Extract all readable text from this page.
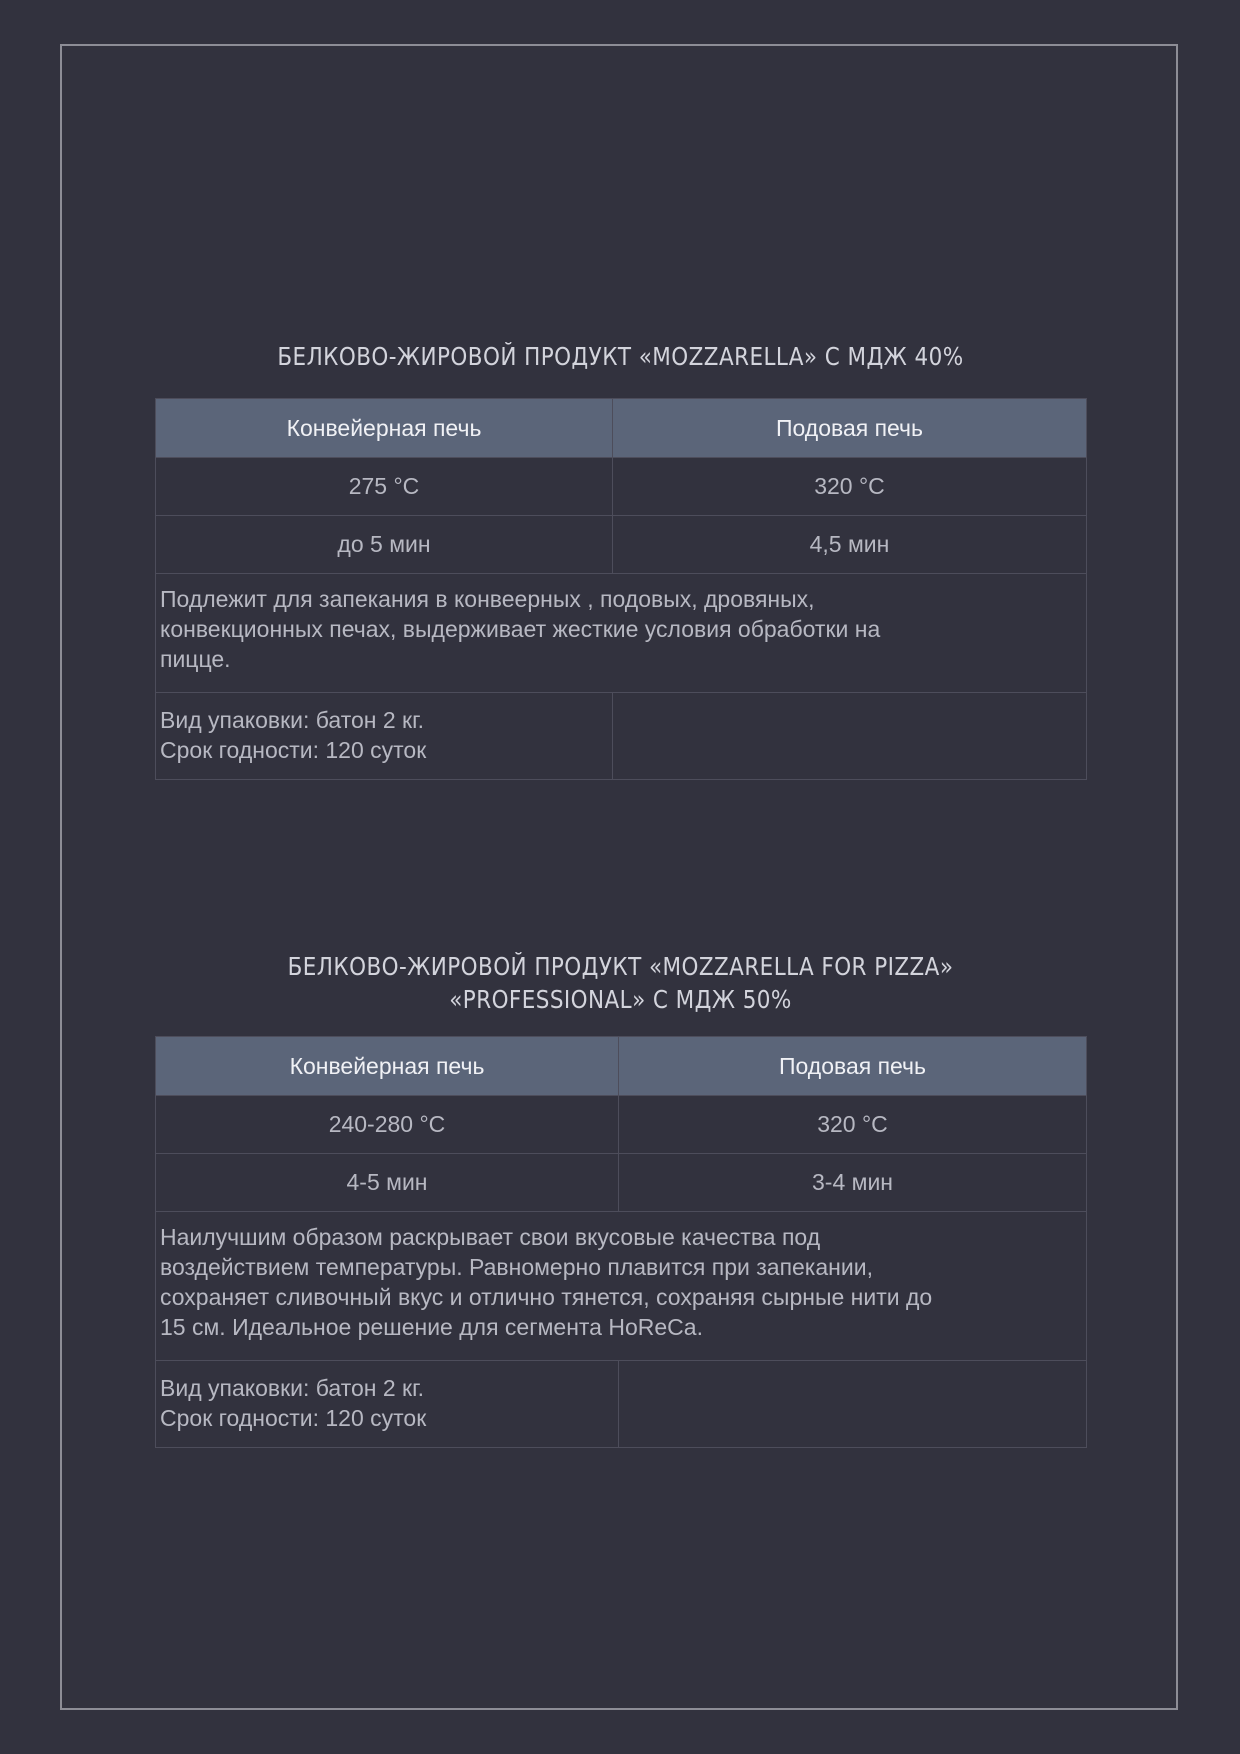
БЕЛКОВО-ЖИРОВОЙ ПРОДУКТ «MOZZARELLA» С МДЖ 40%
Конвейерная печь	Подовая печь
275 °C	320 °C
до 5 мин	4,5 мин

Подлежит для запекания в конвеерных , подовых, дровяных,
конвекционных печах, выдерживает жесткие условия обработки на
пицце.	

Вид упаковки: батон 2 кг.
Срок годности: 120 суток	

БЕЛКОВО-ЖИРОВОЙ ПРОДУКТ «MOZZARELLA FOR PIZZA»
«PROFESSIONAL» С МДЖ 50%
Конвейерная печь	Подовая печь
240-280 °C	320 °C
4-5 мин	3-4 мин

Наилучшим образом раскрывает свои вкусовые качества под
воздействием температуры. Равномерно плавится при запекании,
сохраняет сливочный вкус и отлично тянется, сохраняя сырные нити до
15 см. Идеальное решение для сегмента HoReCa.	

Вид упаковки: батон 2 кг.
Срок годности: 120 суток	
